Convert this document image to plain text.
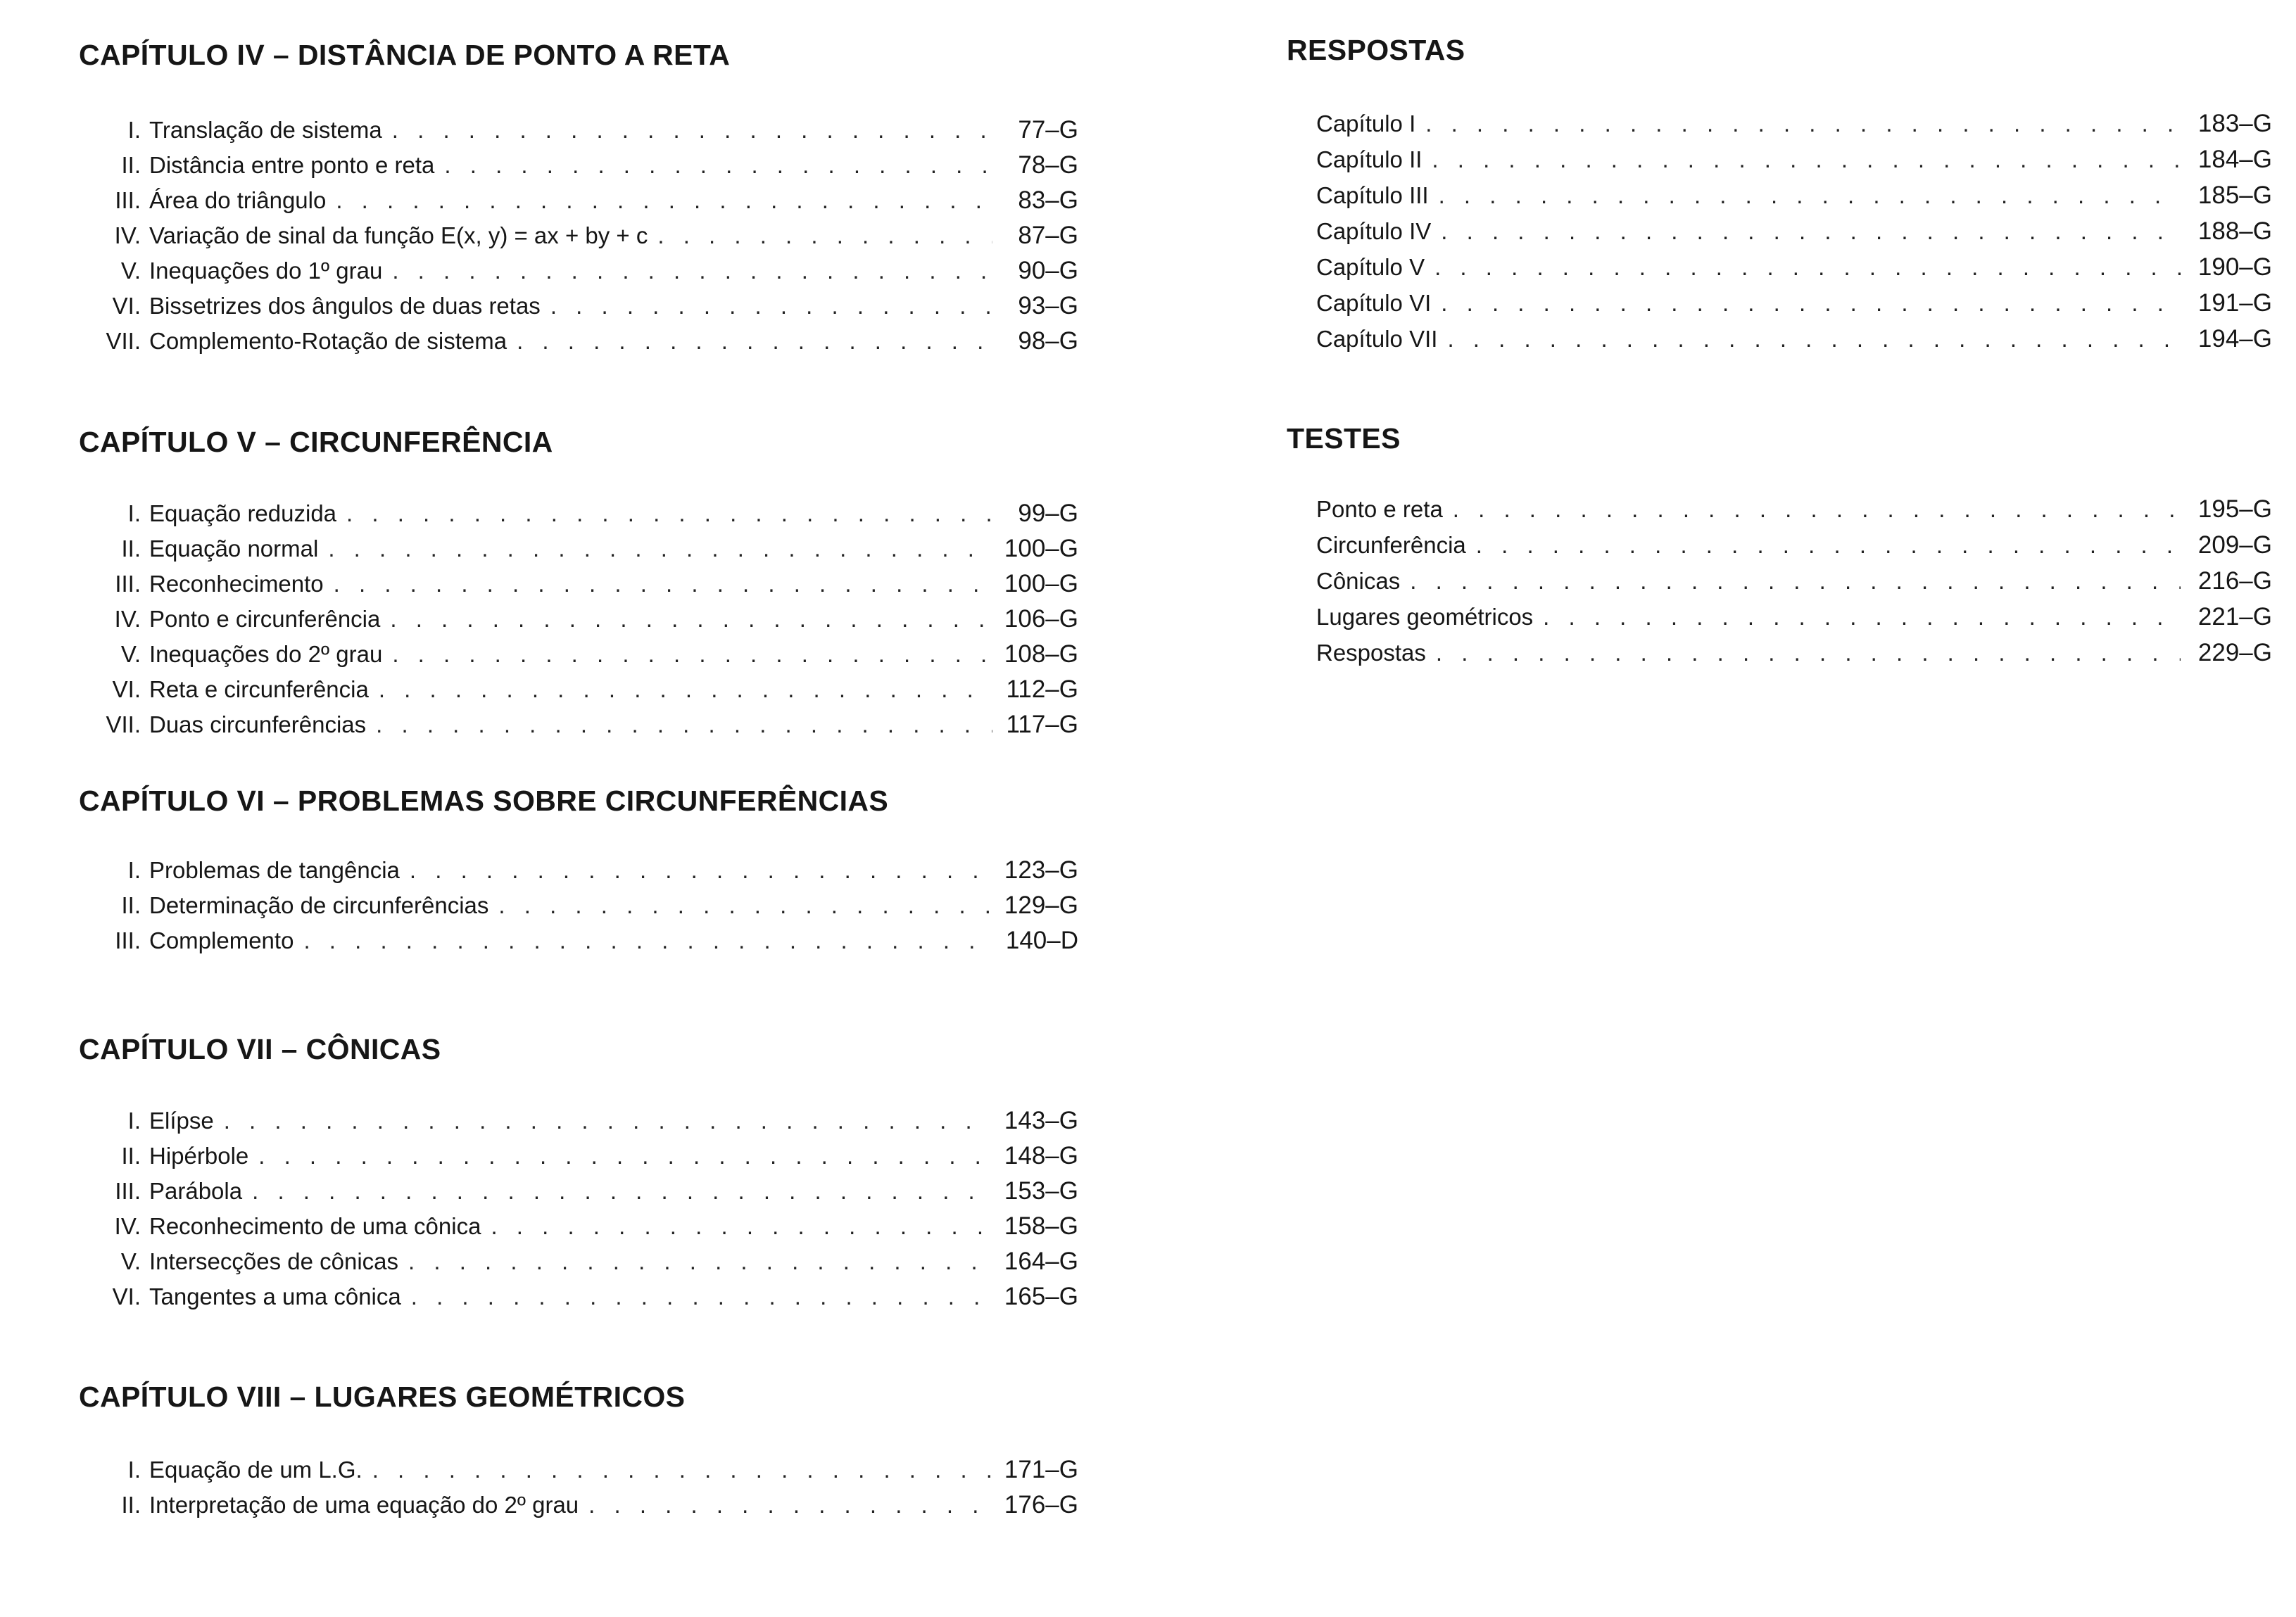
CAPÍTULO IV – DISTÂNCIA DE PONTO A RETA
I. Translação de sistema . . .	77–G
II. Distância entre ponto e reta . . .	78–G
III. Área do triângulo . . .	83–G
IV. Variação de sinal da função E(x, y) = ax + by + c . . .	87–G
V. Inequações do 1º grau . . .	90–G
VI. Bissetrizes dos ângulos de duas retas . . .	93–G
VII. Complemento-Rotação de sistema . . .	98–G
CAPÍTULO V – CIRCUNFERÊNCIA
I. Equação reduzida . . .	99–G
II. Equação normal . . .	100–G
III. Reconhecimento . . .	100–G
IV. Ponto e circunferência . . .	106–G
V. Inequações do 2º grau . . .	108–G
VI. Reta e circunferência . . .	112–G
VII. Duas circunferências . . .	117–G
CAPÍTULO VI – PROBLEMAS SOBRE CIRCUNFERÊNCIAS
I. Problemas de tangência . . .	123–G
II. Determinação de circunferências . . .	129–G
III. Complemento . . .	140–D
CAPÍTULO VII – CÔNICAS
I. Elípse . . .	143–G
II. Hipérbole . . .	148–G
III. Parábola . . .	153–G
IV. Reconhecimento de uma cônica . . .	158–G
V. Intersecções de cônicas . . .	164–G
VI. Tangentes a uma cônica . . .	165–G
CAPÍTULO VIII – LUGARES GEOMÉTRICOS
I. Equação de um L.G. . . .	171–G
II. Interpretação de uma equação do 2º grau . . .	176–G
RESPOSTAS
Capítulo I . . .	183–G
Capítulo II . . .	184–G
Capítulo III . . .	185–G
Capítulo IV . . .	188–G
Capítulo V . . .	190–G
Capítulo VI . . .	191–G
Capítulo VII . . .	194–G
TESTES
Ponto e reta . . .	195–G
Circunferência . . .	209–G
Cônicas . . .	216–G
Lugares geométricos . . .	221–G
Respostas . . .	229–G
